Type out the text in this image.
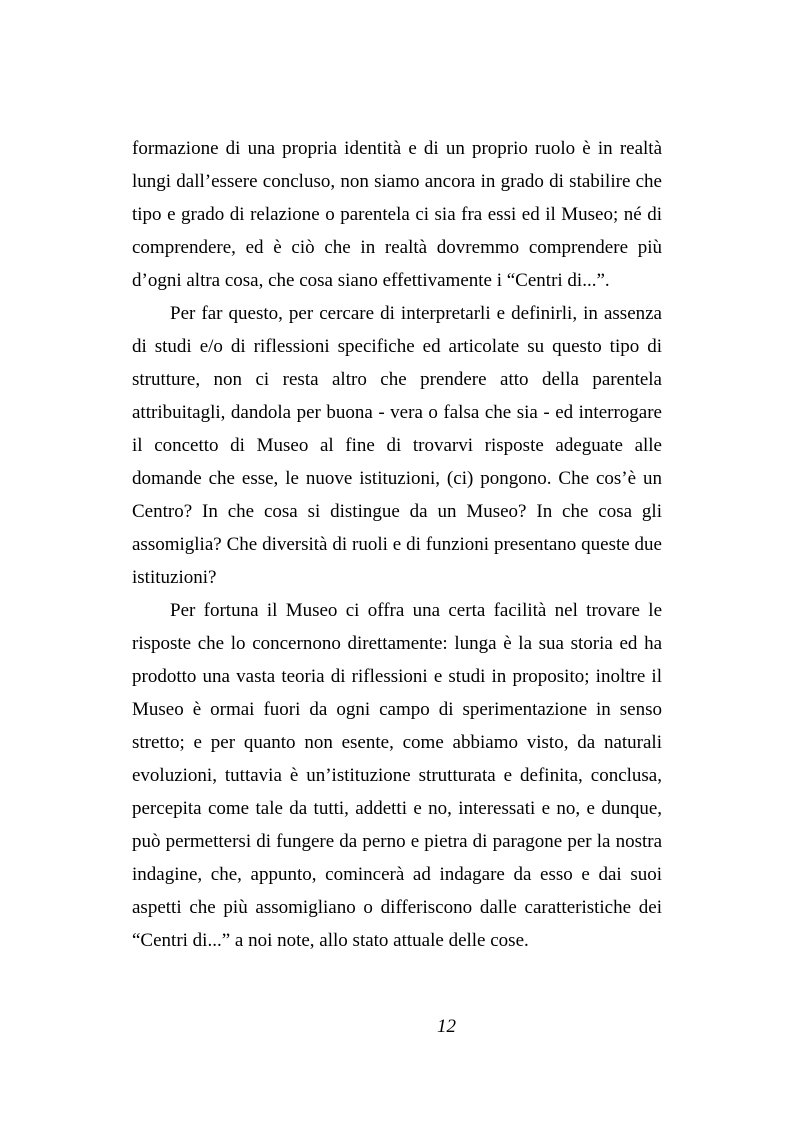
formazione di una propria identità e di un proprio ruolo è in realtà lungi dall’essere concluso, non siamo ancora in grado di stabilire che tipo e grado di relazione o parentela ci sia fra essi ed il Museo; né di comprendere, ed è ciò che in realtà dovremmo comprendere più d’ogni altra cosa, che cosa siano effettivamente i “Centri di...”.

Per far questo, per cercare di interpretarli e definirli, in assenza di studi e/o di riflessioni specifiche ed articolate su questo tipo di strutture, non ci resta altro che prendere atto della parentela attribuitagli, dandola per buona - vera o falsa che sia - ed interrogare il concetto di Museo al fine di trovarvi risposte adeguate alle domande che esse, le nuove istituzioni, (ci) pongono. Che cos’è un Centro? In che cosa si distingue da un Museo? In che cosa gli assomiglia? Che diversità di ruoli e di funzioni presentano queste due istituzioni?

Per fortuna il Museo ci offra una certa facilità nel trovare le risposte che lo concernono direttamente: lunga è la sua storia ed ha prodotto una vasta teoria di riflessioni e studi in proposito; inoltre il Museo è ormai fuori da ogni campo di sperimentazione in senso stretto; e per quanto non esente, come abbiamo visto, da naturali evoluzioni, tuttavia è un’istituzione strutturata e definita, conclusa, percepita come tale da tutti, addetti e no, interessati e no, e dunque, può permettersi di fungere da perno e pietra di paragone per la nostra indagine, che, appunto, comincerà ad indagare da esso e dai suoi aspetti che più assomigliano o differiscono dalle caratteristiche dei “Centri di...” a noi note, allo stato attuale delle cose.

12
